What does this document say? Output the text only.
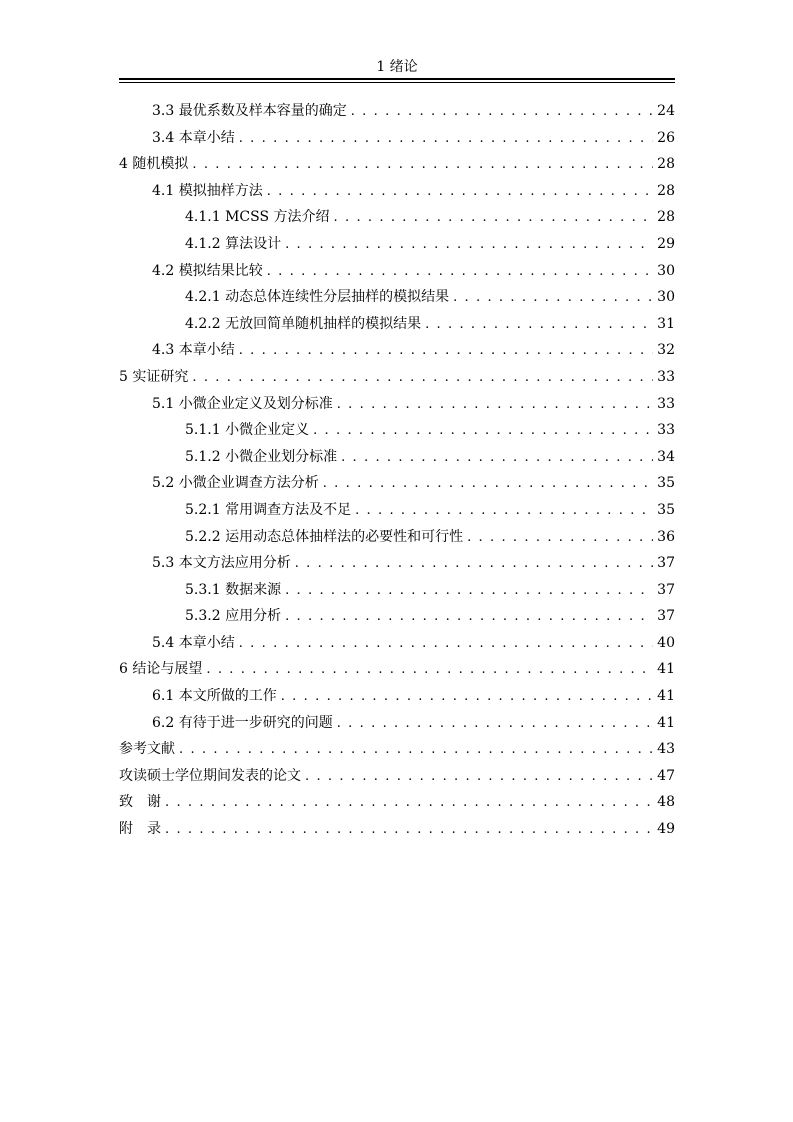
1 绪论
3.3 最优系数及样本容量的确定 . . .	24
3.4 本章小结 . . .	26
4 随机模拟 . . .	28
4.1 模拟抽样方法 . . .	28
4.1.1 MCSS 方法介绍 . . .	28
4.1.2 算法设计 . . .	29
4.2 模拟结果比较 . . .	30
4.2.1 动态总体连续性分层抽样的模拟结果 . . .	30
4.2.2 无放回简单随机抽样的模拟结果 . . .	31
4.3 本章小结 . . .	32
5 实证研究 . . .	33
5.1 小微企业定义及划分标准 . . .	33
5.1.1 小微企业定义 . . .	33
5.1.2 小微企业划分标准 . . .	34
5.2 小微企业调查方法分析 . . .	35
5.2.1 常用调查方法及不足 . . .	35
5.2.2 运用动态总体抽样法的必要性和可行性 . . .	36
5.3 本文方法应用分析 . . .	37
5.3.1 数据来源 . . .	37
5.3.2 应用分析 . . .	37
5.4 本章小结 . . .	40
6 结论与展望 . . .	41
6.1 本文所做的工作 . . .	41
6.2 有待于进一步研究的问题 . . .	41
参考文献 . . .	43
攻读硕士学位期间发表的论文 . . .	47
致　谢 . . .	48
附　录 . . .	49
